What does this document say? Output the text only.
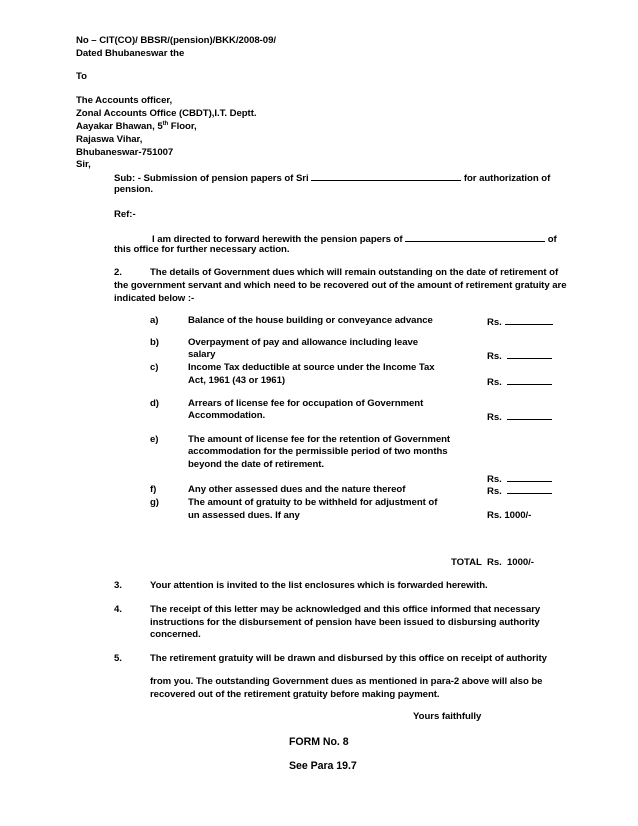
No – CIT(CO)/ BBSR/(pension)/BKK/2008-09/
Dated Bhubaneswar the
To
The Accounts officer,
Zonal Accounts Office (CBDT),I.T. Deptt.
Aayakar Bhawan, 5th Floor,
Rajaswa Vihar,
Bhubaneswar-751007
Sir,
Sub: - Submission of pension papers of Sri	for authorization of
pension.
Ref:-
I am directed to forward herewith the pension papers of	of
this office for further necessary action.
2.	The details of Government dues which will remain outstanding on the date of retirement of
the government servant and which need to be recovered out of the amount of retirement gratuity are
indicated below :-
a)	Balance of the house building or conveyance advance	Rs.
b)	Overpayment of pay and allowance including leave
salary	Rs.
c)	Income Tax deductible at source under the Income Tax
Act, 1961 (43 or 1961)	Rs.
d)	Arrears of license fee for occupation of Government
Accommodation.	Rs.
e)	The amount of license fee for the retention of Government
accommodation for the permissible period of two months
beyond the date of retirement.
Rs.
f)	Any other assessed dues and the nature thereof	Rs.
g)	The amount of gratuity to be withheld for adjustment of
un assessed dues. If any	Rs. 1000/-
TOTAL Rs.  1000/-
3.	Your attention is invited to the list enclosures which is forwarded herewith.
4.	The receipt of this letter may be acknowledged and this office informed that necessary
instructions for the disbursement of pension have been issued to disbursing authority
concerned.
5.	The retirement gratuity will be drawn and disbursed by this office on receipt of authority
from you. The outstanding Government dues as mentioned in para-2 above will also be
recovered out of the retirement gratuity before making payment.
Yours faithfully
FORM No. 8
See Para 19.7
